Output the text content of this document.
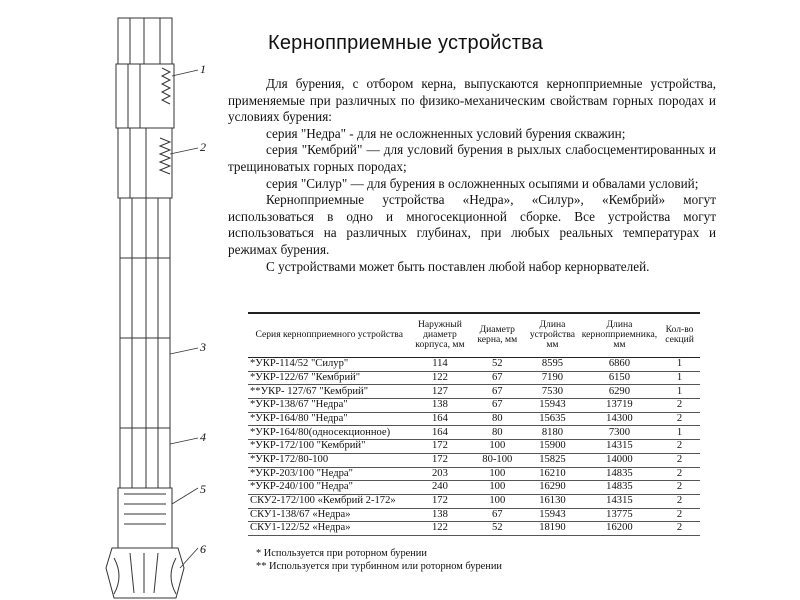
1
2
3
4
5
6
Кернопприемные устройства

Для бурения, с отбором керна, выпускаются кернопприемные устройства, применяемые при различных по физико-механическим свойствам горных породах и условиях бурения:

серия "Недра" - для не осложненных условий бурения скважин;

серия "Кембрий" — для условий бурения в рыхлых слабосцементированных и трещиноватых горных породах;

серия "Силур" — для бурения в осложненных осыпями и обвалами условий;

Кернопприемные устройства «Недра», «Силур», «Кембрий» могут использоваться в одно и многосекционной сборке. Все устройства могут использоваться на различных глубинах, при любых реальных температурах и режимах бурения.

С устройствами может быть поставлен любой набор кернорвателей.

Серия кернопприемного устройства	Наружный диаметр корпуса, мм	Диаметр керна, мм	Длина устройства мм	Длина кернопприемника, мм	Кол-во секций
*УКР-114/52 "Силур"	114	52	8595	6860	1
*УКР-122/67 "Кембрий"	122	67	7190	6150	1
**УКР- 127/67 "Кембрий"	127	67	7530	6290	1
*УКР-138/67 "Недра"	138	67	15943	13719	2
*УКР-164/80 "Недра"	164	80	15635	14300	2
*УКР-164/80(односекционное)	164	80	8180	7300	1
*УКР-172/100 "Кембрий"	172	100	15900	14315	2
*УКР-172/80-100	172	80-100	15825	14000	2
*УКР-203/100 "Недра"	203	100	16210	14835	2
*УКР-240/100 "Недра"	240	100	16290	14835	2
СКУ2-172/100 «Кембрий 2-172»	172	100	16130	14315	2
СКУ1-138/67 «Недра»	138	67	15943	13775	2
СКУ1-122/52 «Недра»	122	52	18190	16200	2
* Используется при роторном бурении
** Используется при турбинном или роторном бурении
